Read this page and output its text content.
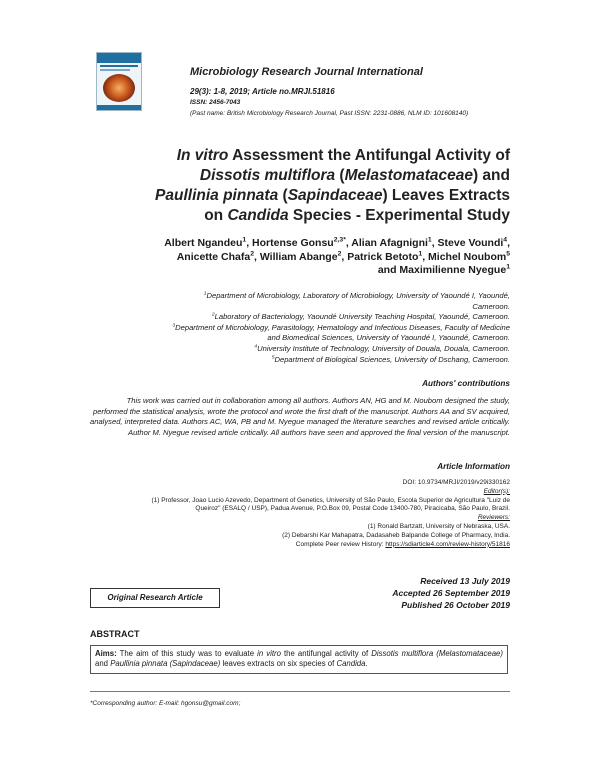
Microbiology Research Journal International
29(3): 1-8, 2019; Article no.MRJI.51816
ISSN: 2456-7043
(Past name: British Microbiology Research Journal, Past ISSN: 2231-0886, NLM ID: 101608140)
In vitro Assessment the Antifungal Activity of
Dissotis multiflora (Melastomataceae) and
Paullinia pinnata (Sapindaceae) Leaves Extracts
on Candida Species - Experimental Study
Albert Ngandeu$^1$, Hortense Gonsu$^{2,3*}$, Alian Afagnigni$^1$, Steve Voundi$^4$,
Anicette Chafa$^2$, William Abange$^2$, Patrick Betoto$^1$, Michel Noubom$^5$
and Maximilienne Nyegue$^1$
$^1$Department of Microbiology, Laboratory of Microbiology, University of Yaoundé I, Yaoundé,
Cameroon.
$^2$Laboratory of Bacteriology, Yaoundé University Teaching Hospital, Yaoundé, Cameroon.
$^3$Department of Microbiology, Parasitology, Hematology and Infectious Diseases, Faculty of Medicine
and Biomedical Sciences, University of Yaoundé I, Yaoundé, Cameroon.
$^4$University Institute of Technology, University of Douala, Douala, Cameroon.
$^5$Department of Biological Sciences, University of Dschang, Cameroon.
Authors' contributions
This work was carried out in collaboration among all authors. Authors AN, HG and M. Noubom designed the study, performed the statistical analysis, wrote the protocol and wrote the first draft of the manuscript. Authors AA and SV acquired, analysed, interpreted data. Authors AC, WA, PB and M. Nyegue managed the literature searches and revised article critically. Author M. Nyegue revised article critically. All authors have seen and approved the final version of the manuscript.
Article Information
DOI: 10.9734/MRJI/2019/v29i330162
Editor(s):
(1) Professor, Joao Lucio Azevedo, Department of Genetics, University of São Paulo, Escola Superior de Agricultura "Luiz de
Queiroz" (ESALQ / USP), Padua Avenue, P.O.Box 09, Postal Code 13400-780, Piracicaba, São Paulo, Brazil.
Reviewers:
(1) Ronald Bartzatt, University of Nebraska, USA.
(2) Debarshi Kar Mahapatra, Dadasaheb Balpande College of Pharmacy, India.
Complete Peer review History: https://sdiarticle4.com/review-history/51816
Received 13 July 2019
Accepted 26 September 2019
Published 26 October 2019
Original Research Article
ABSTRACT
Aims: The aim of this study was to evaluate in vitro the antifungal activity of Dissotis multiflora (Melastomataceae) and Paullinia pinnata (Sapindaceae) leaves extracts on six species of Candida.
*Corresponding author: E-mail: hgonsu@gmail.com;
